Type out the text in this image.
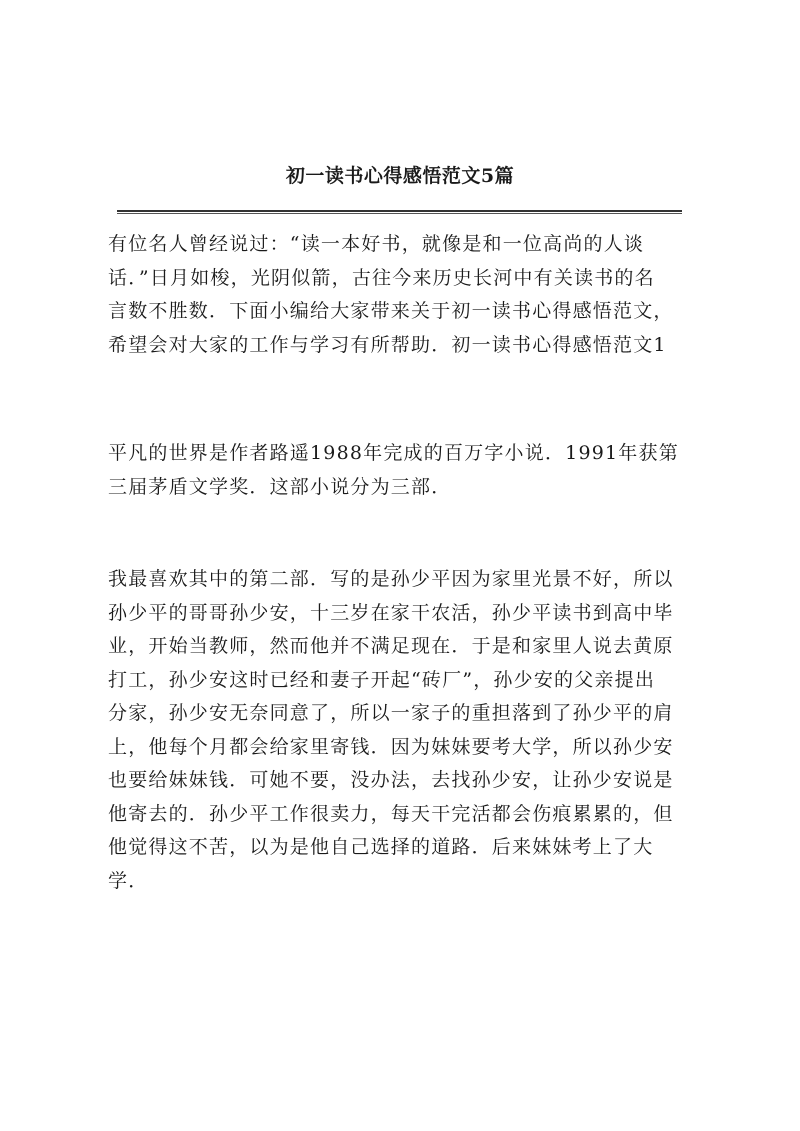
初一读书心得感悟范文5篇

有位名人曾经说过：“读一本好书，就像是和一位高尚的人谈
话．”日月如梭，光阴似箭，古往今来历史长河中有关读书的名
言数不胜数．下面小编给大家带来关于初一读书心得感悟范文，
希望会对大家的工作与学习有所帮助．初一读书心得感悟范文1

平凡的世界是作者路遥1988年完成的百万字小说．1991年获第
三届茅盾文学奖．这部小说分为三部．

我最喜欢其中的第二部．写的是孙少平因为家里光景不好，所以
孙少平的哥哥孙少安，十三岁在家干农活，孙少平读书到高中毕
业，开始当教师，然而他并不满足现在．于是和家里人说去黄原
打工，孙少安这时已经和妻子开起“砖厂”，孙少安的父亲提出
分家，孙少安无奈同意了，所以一家子的重担落到了孙少平的肩
上，他每个月都会给家里寄钱．因为妹妹要考大学，所以孙少安
也要给妹妹钱．可她不要，没办法，去找孙少安，让孙少安说是
他寄去的．孙少平工作很卖力，每天干完活都会伤痕累累的，但
他觉得这不苦，以为是他自己选择的道路．后来妹妹考上了大
学．
